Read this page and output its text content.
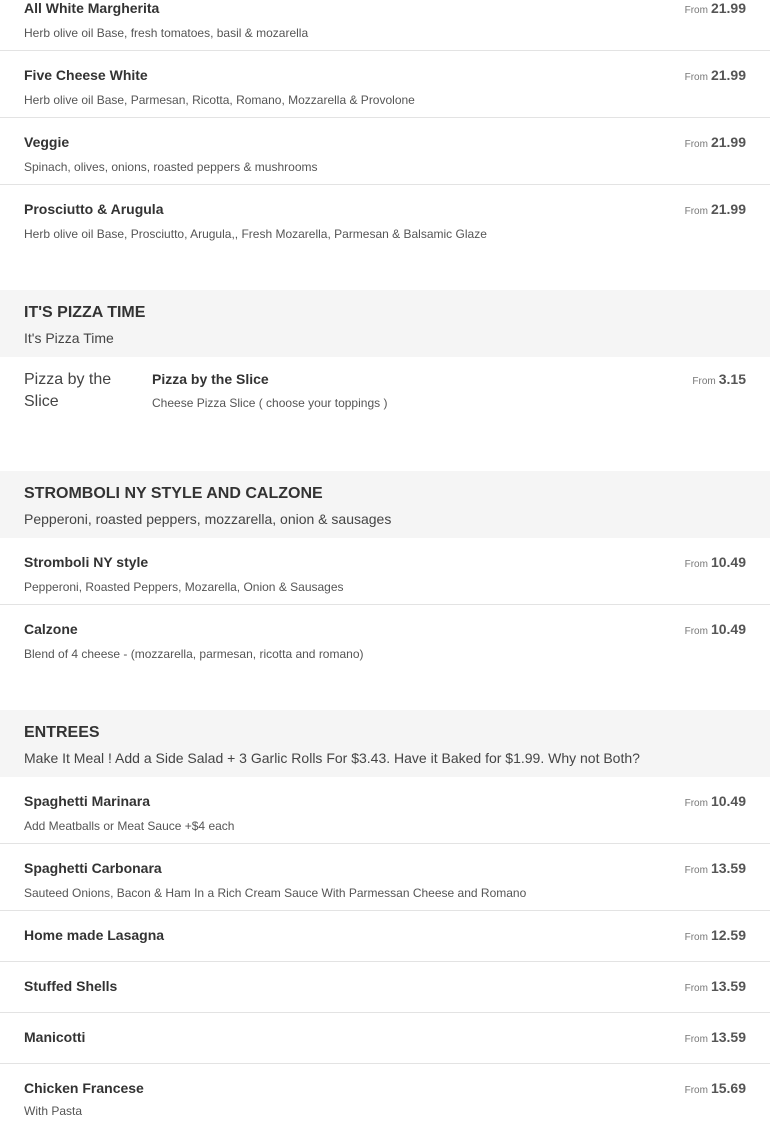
All White Margherita
Herb olive oil Base, fresh tomatoes, basil & mozarella
From 21.99
Five Cheese White
Herb olive oil Base, Parmesan, Ricotta, Romano, Mozzarella & Provolone
From 21.99
Veggie
Spinach, olives, onions, roasted peppers & mushrooms
From 21.99
Prosciutto & Arugula
Herb olive oil Base, Prosciutto, Arugula,, Fresh Mozarella, Parmesan & Balsamic Glaze
From 21.99
IT'S PIZZA TIME
It's Pizza Time
Pizza by the Slice
Pizza by the Slice
Cheese Pizza Slice ( choose your toppings )
From 3.15
STROMBOLI NY STYLE AND CALZONE
Pepperoni, roasted peppers, mozzarella, onion & sausages
Stromboli NY style
Pepperoni, Roasted Peppers, Mozarella, Onion & Sausages
From 10.49
Calzone
Blend of 4 cheese - (mozzarella, parmesan, ricotta and romano)
From 10.49
ENTREES
Make It Meal ! Add a Side Salad + 3 Garlic Rolls For $3.43. Have it Baked for $1.99. Why not Both?
Spaghetti Marinara
Add Meatballs or Meat Sauce +$4 each
From 10.49
Spaghetti Carbonara
Sauteed Onions, Bacon & Ham In a Rich Cream Sauce With Parmessan Cheese and Romano
From 13.59
Home made Lasagna	From 12.59
Stuffed Shells	From 13.59
Manicotti	From 13.59
Chicken Francese
With Pasta
From 15.69
